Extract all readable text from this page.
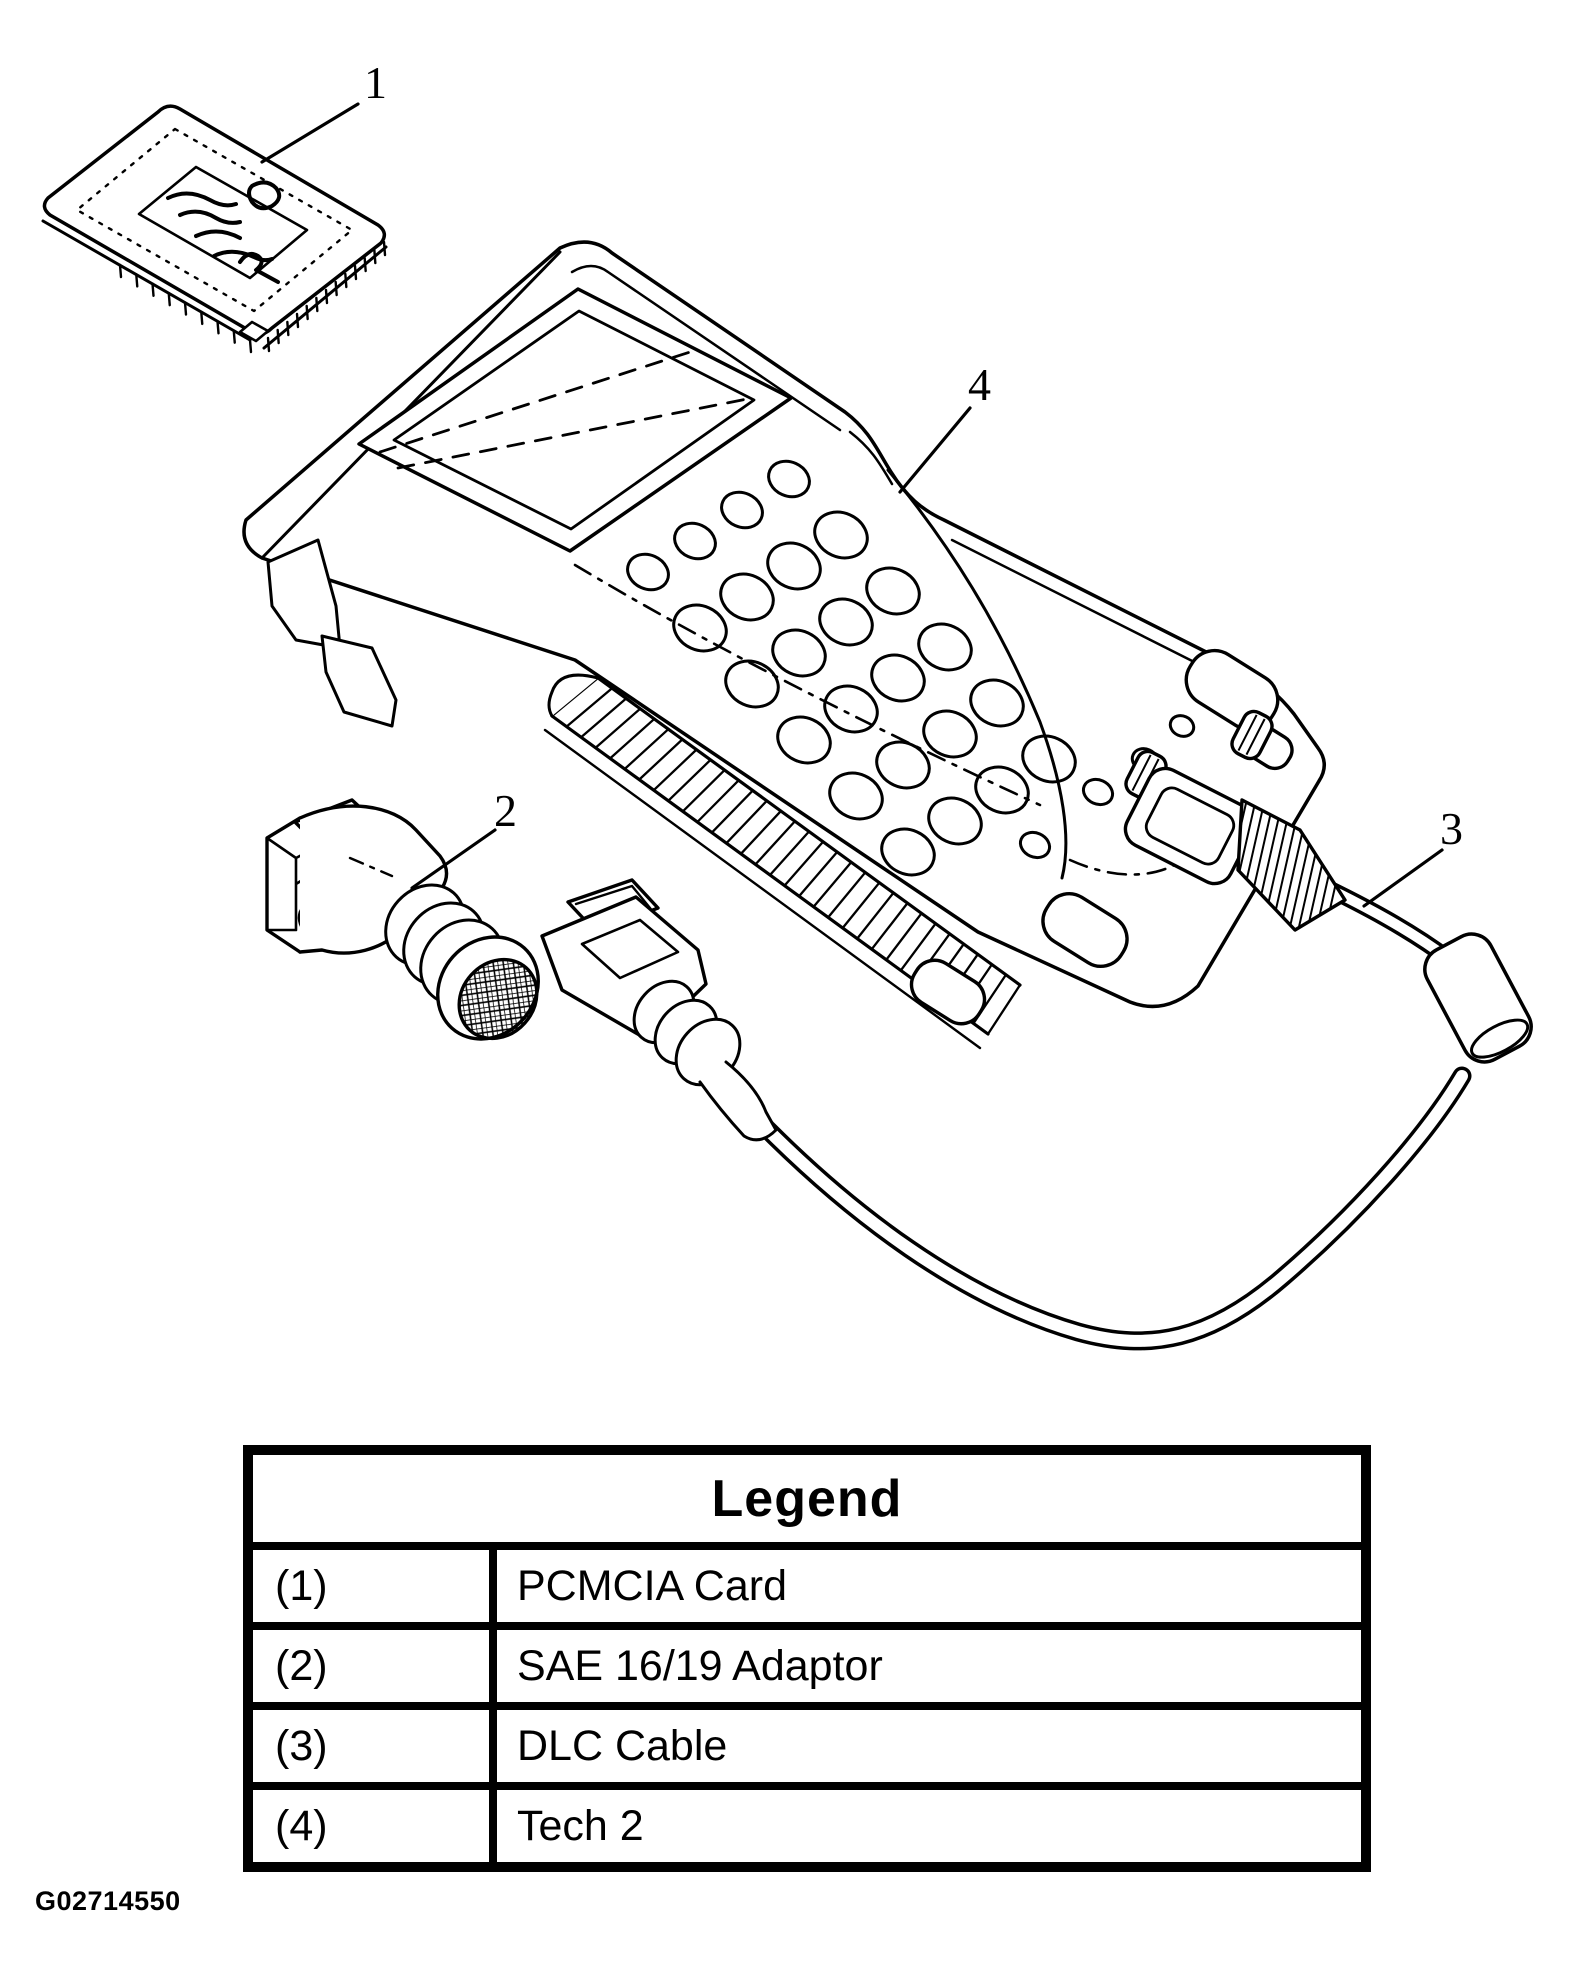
1
2	3
4
Legend
(1)	PCMCIA Card
(2)	SAE 16/19 Adaptor
(3)	DLC Cable
(4)	Tech 2
G02714550
